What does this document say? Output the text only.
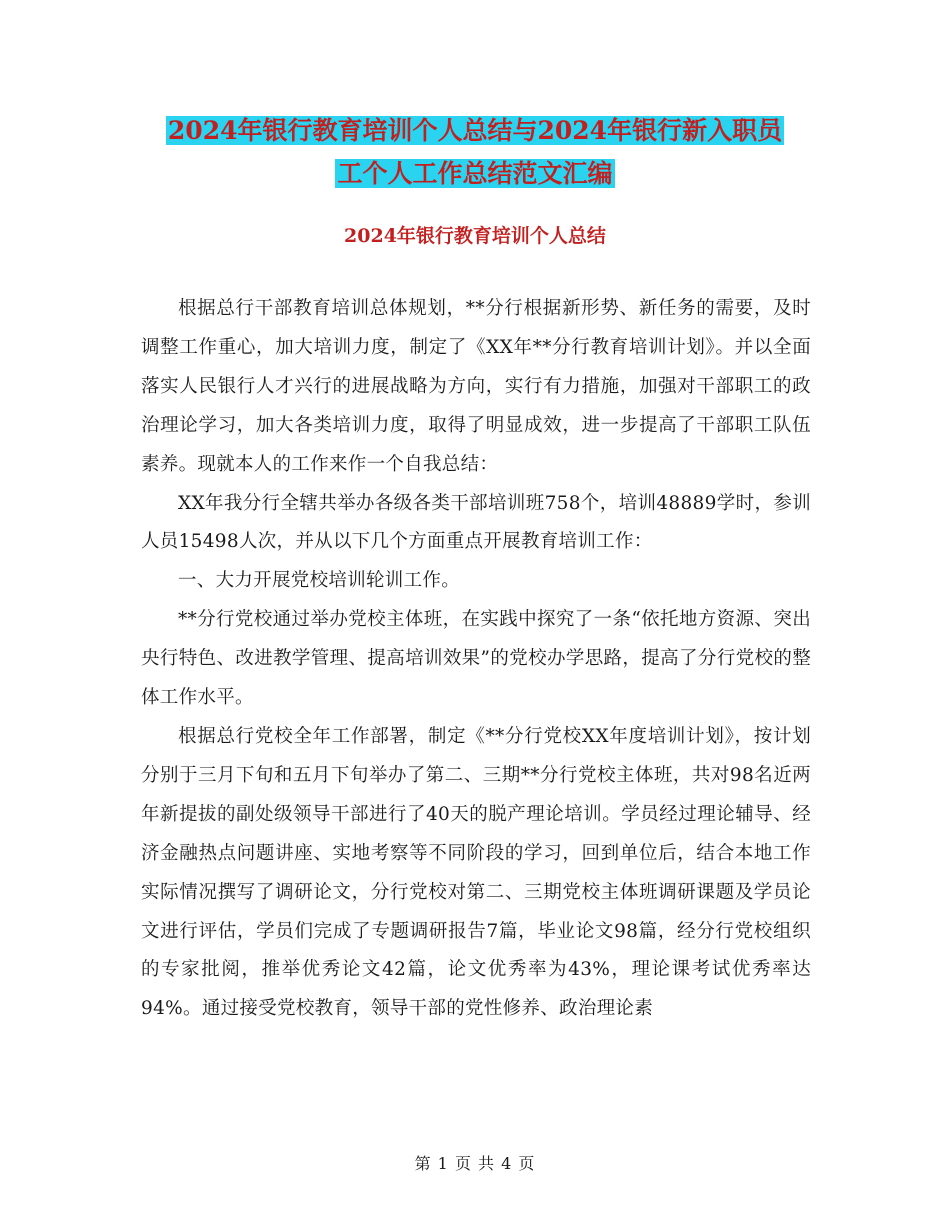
2024年银行教育培训个人总结与2024年银行新入职员
工个人工作总结范文汇编
2024年银行教育培训个人总结

根据总行干部教育培训总体规划，**分行根据新形势、新任务的需要，及时调整工作重心，加大培训力度，制定了《XX年**分行教育培训计划》。并以全面落实人民银行人才兴行的进展战略为方向，实行有力措施，加强对干部职工的政治理论学习，加大各类培训力度，取得了明显成效，进一步提高了干部职工队伍素养。现就本人的工作来作一个自我总结：

XX年我分行全辖共举办各级各类干部培训班758个，培训48889学时，参训人员15498人次，并从以下几个方面重点开展教育培训工作：

一、大力开展党校培训轮训工作。

**分行党校通过举办党校主体班，在实践中探究了一条“依托地方资源、突出央行特色、改进教学管理、提高培训效果”的党校办学思路，提高了分行党校的整体工作水平。

根据总行党校全年工作部署，制定《**分行党校XX年度培训计划》，按计划分别于三月下旬和五月下旬举办了第二、三期**分行党校主体班，共对98名近两年新提拔的副处级领导干部进行了40天的脱产理论培训。学员经过理论辅导、经济金融热点问题讲座、实地考察等不同阶段的学习，回到单位后，结合本地工作实际情况撰写了调研论文，分行党校对第二、三期党校主体班调研课题及学员论文进行评估，学员们完成了专题调研报告7篇，毕业论文98篇，经分行党校组织的专家批阅，推举优秀论文42篇，论文优秀率为43%，理论课考试优秀率达94%。通过接受党校教育，领导干部的党性修养、政治理论素

第 1 页 共 4 页
